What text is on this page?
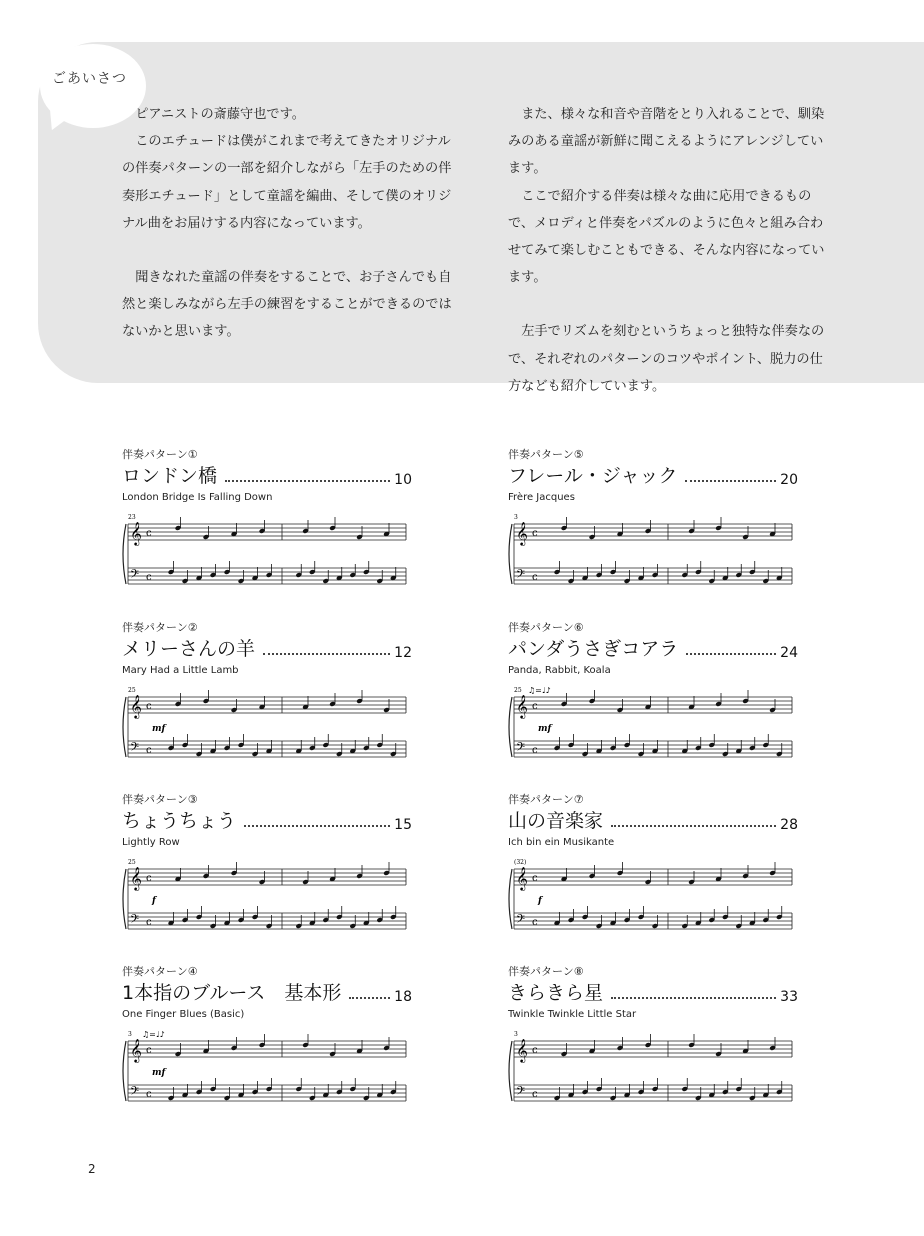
ごあいさつ

ピアニストの斎藤守也です。

このエチュードは僕がこれまで考えてきたオリジナルの伴奏パターンの一部を紹介しながら「左手のための伴奏形エチュード」として童謡を編曲、そして僕のオリジナル曲をお届けする内容になっています。

聞きなれた童謡の伴奏をすることで、お子さんでも自然と楽しみながら左手の練習をすることができるのではないかと思います。

また、様々な和音や音階をとり入れることで、馴染みのある童謡が新鮮に聞こえるようにアレンジしています。

ここで紹介する伴奏は様々な曲に応用できるもので、メロディと伴奏をパズルのように色々と組み合わせてみて楽しむこともできる、そんな内容になっています。

左手でリズムを刻むというちょっと独特な伴奏なので、それぞれのパターンのコツやポイント、脱力の仕方なども紹介しています。

伴奏パターン①
ロンドン橋	10
London Bridge Is Falling Down
23
𝄞 c
𝄢 c
伴奏パターン②
メリーさんの羊	12
Mary Had a Little Lamb
25
𝄞 c
𝄢 c
mf
伴奏パターン③
ちょうちょう	15
Lightly Row
25
𝄞 c
𝄢 c
f
伴奏パターン④
1本指のブルース　基本形	18
One Finger Blues (Basic)
3 ♫=♩♪
𝄞 c
𝄢 c
mf
伴奏パターン⑤
フレール・ジャック	20
Frère Jacques
3
𝄞 c
𝄢 c
伴奏パターン⑥
パンダうさぎコアラ	24
Panda, Rabbit, Koala
25 ♫=♩♪
𝄞 c
𝄢 c
mf
伴奏パターン⑦
山の音楽家	28
Ich bin ein Musikante
(32)
𝄞 c
𝄢 c
f
伴奏パターン⑧
きらきら星	33
Twinkle Twinkle Little Star
3
𝄞 c
𝄢 c
2
